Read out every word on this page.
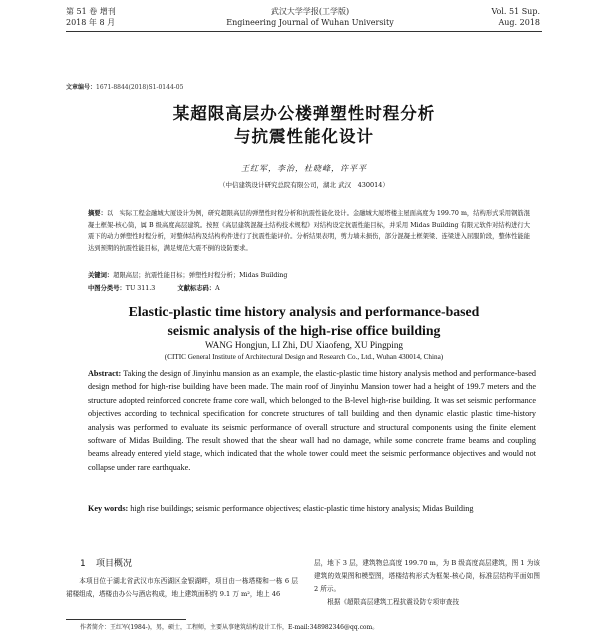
第 51 卷 增刊
2018 年 8 月
武汉大学学报(工学版)
Engineering Journal of Wuhan University
Vol. 51 Sup.
Aug. 2018
文章编号：1671-8844(2018)S1-0144-05
某超限高层办公楼弹塑性时程分析
与抗震性能化设计
王红军，李治，杜晓峰，许平平
（中信建筑设计研究总院有限公司，湖北 武汉　430014）
摘要：以　实际工程金融城大厦设计为例，研究超限高层的弹塑性时程分析和抗震性能化设计。金融城大厦塔楼主屋面高度为 199.70 m，结构形式采用钢筋混凝土框架-核心筒，属 B 级高度高层建筑。按照《高层建筑混凝土结构技术规程》对结构设定抗震性能目标，并采用 Midas Building 有限元软件对结构进行大震下的动力弹塑性时程分析，对整体结构及结构构件进行了抗震性能评价。分析结果表明，剪力墙未损伤，部分混凝土框架梁、连梁进入屈服阶段，整体性能能达到预期的抗震性能目标，满足规范大震不倒的设防要求。
关键词：超限高层；抗震性能目标；弹塑性时程分析；Midas Building
中图分类号：TU 311.3	文献标志码：A
Elastic-plastic time history analysis and performance-based
seismic analysis of the high-rise office building
WANG Hongjun, LI Zhi, DU Xiaofeng, XU Pingping
(CITIC General Institute of Architectural Design and Research Co., Ltd., Wuhan 430014, China)
Abstract: Taking the design of Jinyinhu mansion as an example, the elastic-plastic time history analysis method and performance-based design method for high-rise building have been made. The main roof of Jinyinhu Mansion tower had a height of 199.7 meters and the structure adopted reinforced concrete frame core wall, which belonged to the B-level high-rise building. It was set seismic performance objectives according to technical specification for concrete structures of tall building and then dynamic elastic plastic time-history analysis was performed to evaluate its seismic performance of overall structure and structural components using the finite element software of Midas Building. The result showed that the shear wall had no damage, while some concrete frame beams and coupling beams already entered yield stage, which indicated that the whole tower could meet the seismic performance objectives and would not collapse under rare earthquake.
Key words: high rise buildings; seismic performance objectives; elastic-plastic time history analysis; Midas Building
1 项目概况

本项目位于湖北省武汉市东西湖区金银湖畔，项目由一栋塔楼和一栋 6 层裙楼组成，塔楼由办公与酒店构成，地上建筑面积约 9.1 万 m²，地上 46

层，地下 3 层，建筑物总高度 199.70 m，为 B 级高度高层建筑，图 1 为该建筑的效果图和模型图，塔楼结构形式为框架-核心筒，标准层结构平面如图 2 所示。

根据《超限高层建筑工程抗震设防专项审查技

作者简介：王红军(1984-)，男，硕士，工程师，主要从事建筑结构设计工作，E-mail:348982346@qq.com。
